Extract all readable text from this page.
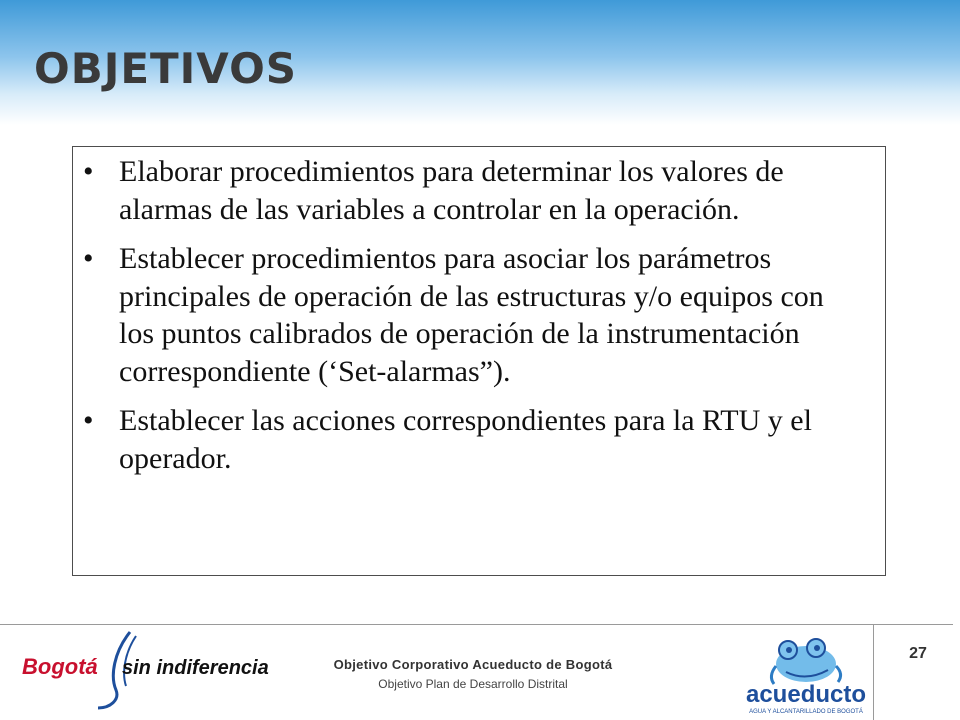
OBJETIVOS
• Elaborar procedimientos para determinar los valores de alarmas de las variables a controlar en la operación.
• Establecer procedimientos para asociar los parámetros principales de operación de las estructuras y/o equipos con los puntos calibrados de operación de la instrumentación correspondiente (‘Set-alarmas”).
• Establecer las acciones correspondientes para la RTU y el operador.
Bogotá sin indiferencia	Objetivo Corporativo Acueducto de Bogotá
Objetivo Plan de Desarrollo Distrital
27
acueducto
AGUA Y ALCANTARILLADO DE BOGOTÁ
